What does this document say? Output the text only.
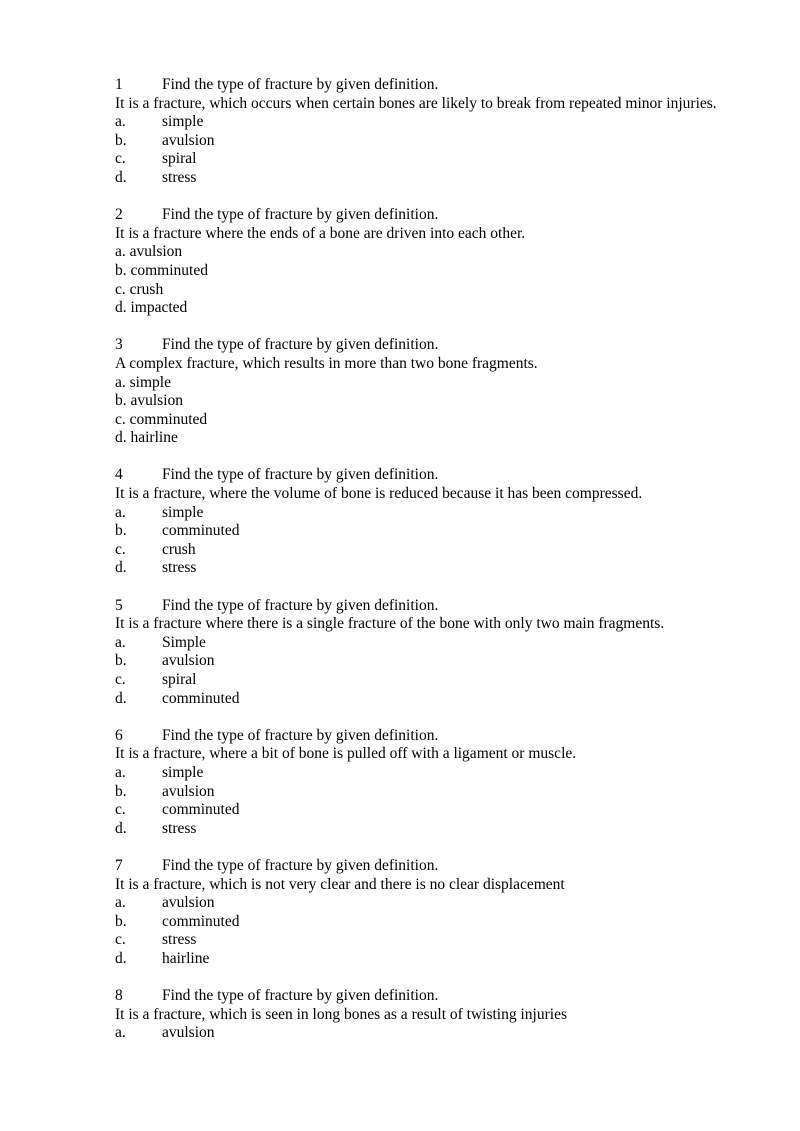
1	Find the type of fracture by given definition.
It is a fracture, which occurs when certain bones are likely to break from repeated minor injuries.
a.	simple
b.	avulsion
c.	spiral
d.	stress
2	Find the type of fracture by given definition.
It is a fracture where the ends of a bone are driven into each other.
a.
avulsion
b.
comminuted
c.
crush
d.
impacted
3	Find the type of fracture by given definition.
A complex fracture, which results in more than two bone fragments.
a.
simple
b.
avulsion
c.
comminuted
d.
hairline
4	Find the type of fracture by given definition.
It is a fracture, where the volume of bone is reduced because it has been compressed.
a.	simple
b.	comminuted
c.	crush
d.	stress
5	Find the type of fracture by given definition.
It is a fracture where there is a single fracture of the bone with only two main fragments.
a.	Simple
b.	avulsion
c.	spiral
d.	comminuted
6	Find the type of fracture by given definition.
It is a fracture, where a bit of bone is pulled off with a ligament or muscle.
a.	simple
b.	avulsion
c.	comminuted
d.	stress
7	Find the type of fracture by given definition.
It is a fracture, which is not very clear and there is no clear displacement
a.	avulsion
b.	comminuted
c.	stress
d.	hairline
8	Find the type of fracture by given definition.
It is a fracture, which is seen in long bones as a result of twisting injuries
a.	avulsion
